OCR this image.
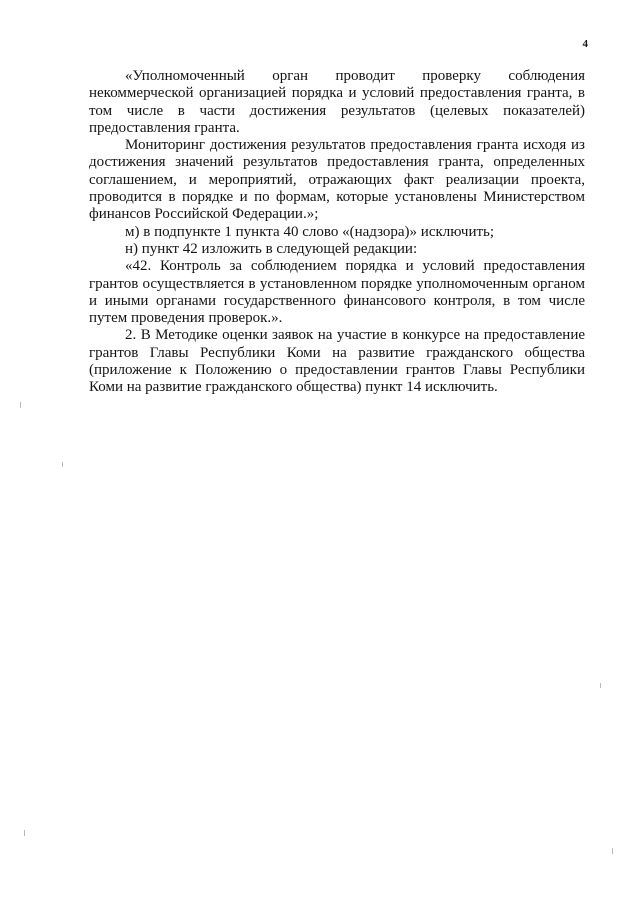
4

«Уполномоченный орган проводит проверку соблюдения некоммерческой организацией порядка и условий предоставления гранта, в том числе в части достижения результатов (целевых показателей) предоставления гранта.

Мониторинг достижения результатов предоставления гранта исходя из достижения значений результатов предоставления гранта, определенных соглашением, и мероприятий, отражающих факт реализации проекта, проводится в порядке и по формам, которые установлены Министерством финансов Российской Федерации.»;

м) в подпункте 1 пункта 40 слово «(надзора)» исключить;

н) пункт 42 изложить в следующей редакции:

«42. Контроль за соблюдением порядка и условий предоставления грантов осуществляется в установленном порядке уполномоченным органом и иными органами государственного финансового контроля, в том числе путем проведения проверок.».

2. В Методике оценки заявок на участие в конкурсе на предоставление грантов Главы Республики Коми на развитие гражданского общества (приложение к Положению о предоставлении грантов Главы Республики Коми на развитие гражданского общества) пункт 14 исключить.
